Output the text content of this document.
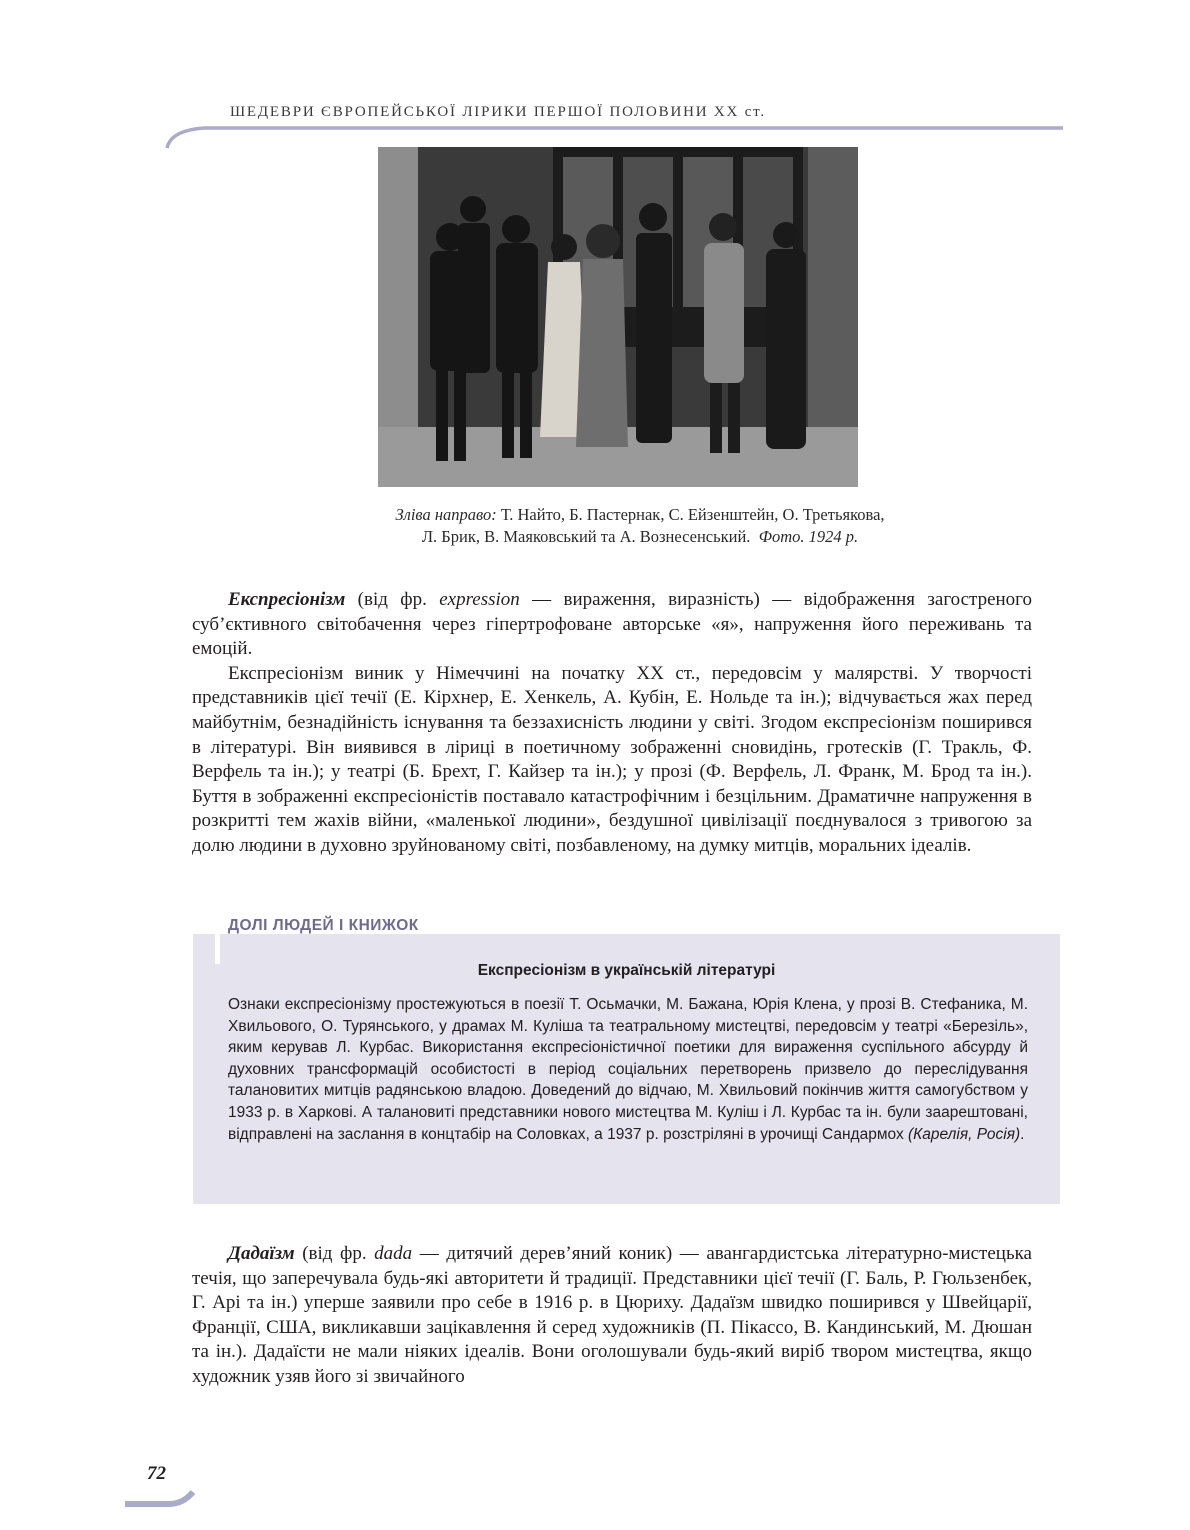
ШЕДЕВРИ ЄВРОПЕЙСЬКОЇ ЛІРИКИ ПЕРШОЇ ПОЛОВИНИ XX ст.
Зліва направо: Т. Найто, Б. Пастернак, С. Ейзенштейн, О. Третьякова,
Л. Брик, В. Маяковський та А. Вознесенський. Фото. 1924 р.

Експресіонізм (від фр. expression — вираження, виразність) — відображення загостреного суб’єктивного світобачення через гіпертрофоване авторське «я», напруження його переживань та емоцій.

Експресіонізм виник у Німеччині на початку ХХ ст., передовсім у малярстві. У творчості представників цієї течії (Е. Кірхнер, Е. Хенкель, А. Кубін, Е. Нольде та ін.); відчувається жах перед майбутнім, безнадійність існування та беззахисність людини у світі. Згодом експресіонізм поширився в літературі. Він виявився в ліриці в поетичному зображенні сновидінь, гротесків (Г. Тракль, Ф. Верфель та ін.); у театрі (Б. Брехт, Г. Кайзер та ін.); у прозі (Ф. Верфель, Л. Франк, М. Брод та ін.). Буття в зображенні експресіоністів поставало катастрофічним і безцільним. Драматичне напруження в розкритті тем жахів війни, «маленької людини», бездушної цивілізації поєднувалося з тривогою за долю людини в духовно зруйнованому світі, позбавленому, на думку митців, моральних ідеалів.

ДОЛІ ЛЮДЕЙ І КНИЖОК
Експресіонізм в українській літературі
Ознаки експресіонізму простежуються в поезії Т. Осьмачки, М. Бажана, Юрія Клена, у прозі В. Стефаника, М. Хвильового, О. Турянського, у драмах М. Куліша та театральному мистецтві, передовсім у театрі «Березіль», яким керував Л. Курбас. Використання експресіоністичної поетики для вираження суспільного абсурду й духовних трансформацій особистості в період соціальних перетворень призвело до переслідування талановитих митців радянською владою. Доведений до відчаю, М. Хвильовий покінчив життя самогубством у 1933 р. в Харкові. А талановиті представники нового мистецтва М. Куліш і Л. Курбас та ін. були заарештовані, відправлені на заслання в концтабір на Соловках, а 1937 р. розстріляні в урочищі Сандармох (Карелія, Росія).

Дадаїзм (від фр. dada — дитячий дерев’яний коник) — авангардистська літературно-мистецька течія, що заперечувала будь-які авторитети й традиції. Представники цієї течії (Г. Баль, Р. Гюльзенбек, Г. Арі та ін.) уперше заявили про себе в 1916 р. в Цюриху. Дадаїзм швидко поширився у Швейцарії, Франції, США, викликавши зацікавлення й серед художників (П. Пікассо, В. Кандинський, М. Дюшан та ін.). Дадаїсти не мали ніяких ідеалів. Вони оголошували будь-який виріб твором мистецтва, якщо художник узяв його зі звичайного

72
